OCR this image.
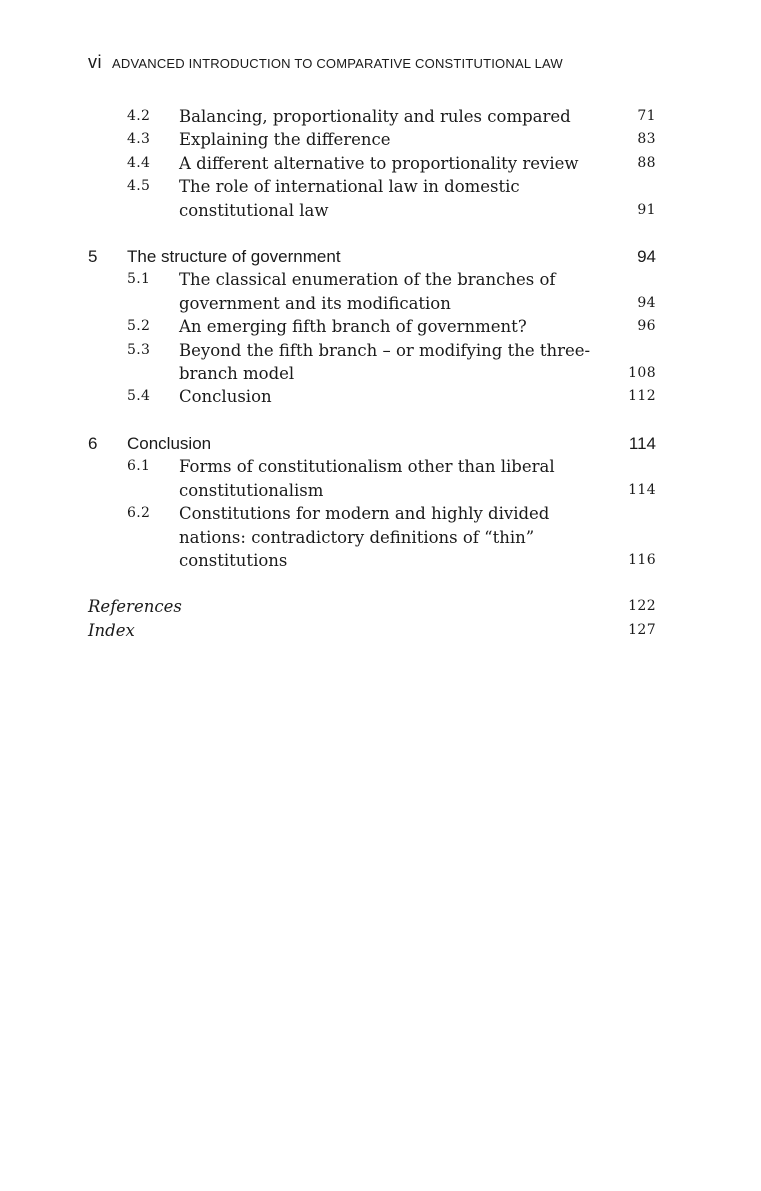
vi ADVANCED INTRODUCTION TO COMPARATIVE CONSTITUTIONAL LAW
4.2 Balancing, proportionality and rules compared	71
4.3 Explaining the difference	83
4.4 A different alternative to proportionality review	88
4.5 The role of international law in domestic constitutional law	91
5 The structure of government	94
5.1 The classical enumeration of the branches of government and its modification	94
5.2 An emerging fifth branch of government?	96
5.3 Beyond the fifth branch – or modifying the three-branch model	108
5.4 Conclusion	112
6 Conclusion	114
6.1 Forms of constitutionalism other than liberal constitutionalism	114
6.2 Constitutions for modern and highly divided nations: contradictory definitions of “thin” constitutions	116
References	122
Index	127
